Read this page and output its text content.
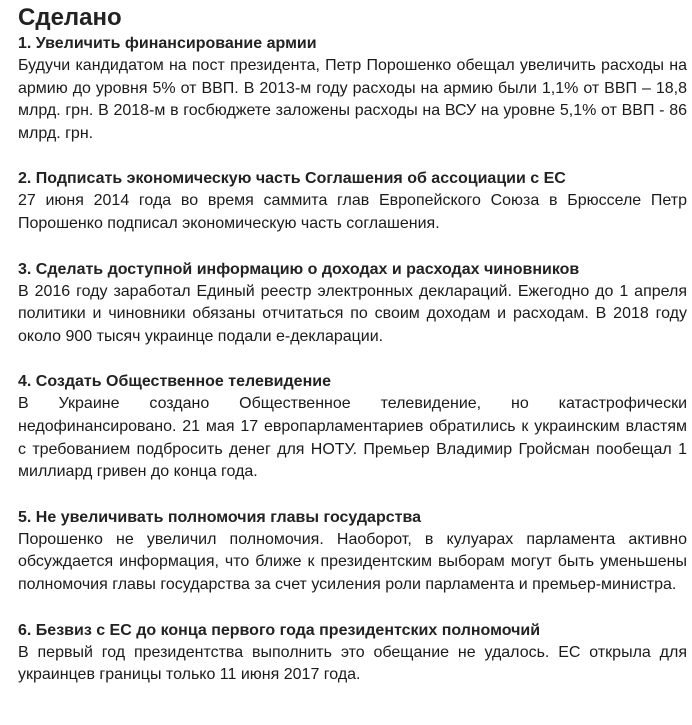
Сделано
1. Увеличить финансирование армии

Будучи кандидатом на пост президента, Петр Порошенко обещал увеличить расходы на армию до уровня 5% от ВВП. В 2013-м году расходы на армию были 1,1% от ВВП – 18,8 млрд. грн. В 2018-м в госбюджете заложены расходы на ВСУ на уровне 5,1% от ВВП - 86 млрд. грн.

2. Подписать экономическую часть Соглашения об ассоциации с ЕС

27 июня 2014 года во время саммита глав Европейского Союза в Брюсселе Петр Порошенко подписал экономическую часть соглашения.

3. Сделать доступной информацию о доходах и расходах чиновников

В 2016 году заработал Единый реестр электронных деклараций. Ежегодно до 1 апреля политики и чиновники обязаны отчитаться по своим доходам и расходам. В 2018 году около 900 тысяч украинце подали е-декларации.

4. Создать Общественное телевидение

В Украине создано Общественное телевидение, но катастрофически недофинансировано. 21 мая 17 европарламентариев обратились к украинским властям с требованием подбросить денег для НОТУ. Премьер Владимир Гройсман пообещал 1 миллиард гривен до конца года.

5. Не увеличивать полномочия главы государства

Порошенко не увеличил полномочия. Наоборот, в кулуарах парламента активно обсуждается информация, что ближе к президентским выборам могут быть уменьшены полномочия главы государства за счет усиления роли парламента и премьер-министра.

6. Безвиз с ЕС до конца первого года президентских полномочий

В первый год президентства выполнить это обещание не удалось. ЕС открыла для украинцев границы только 11 июня 2017 года.
